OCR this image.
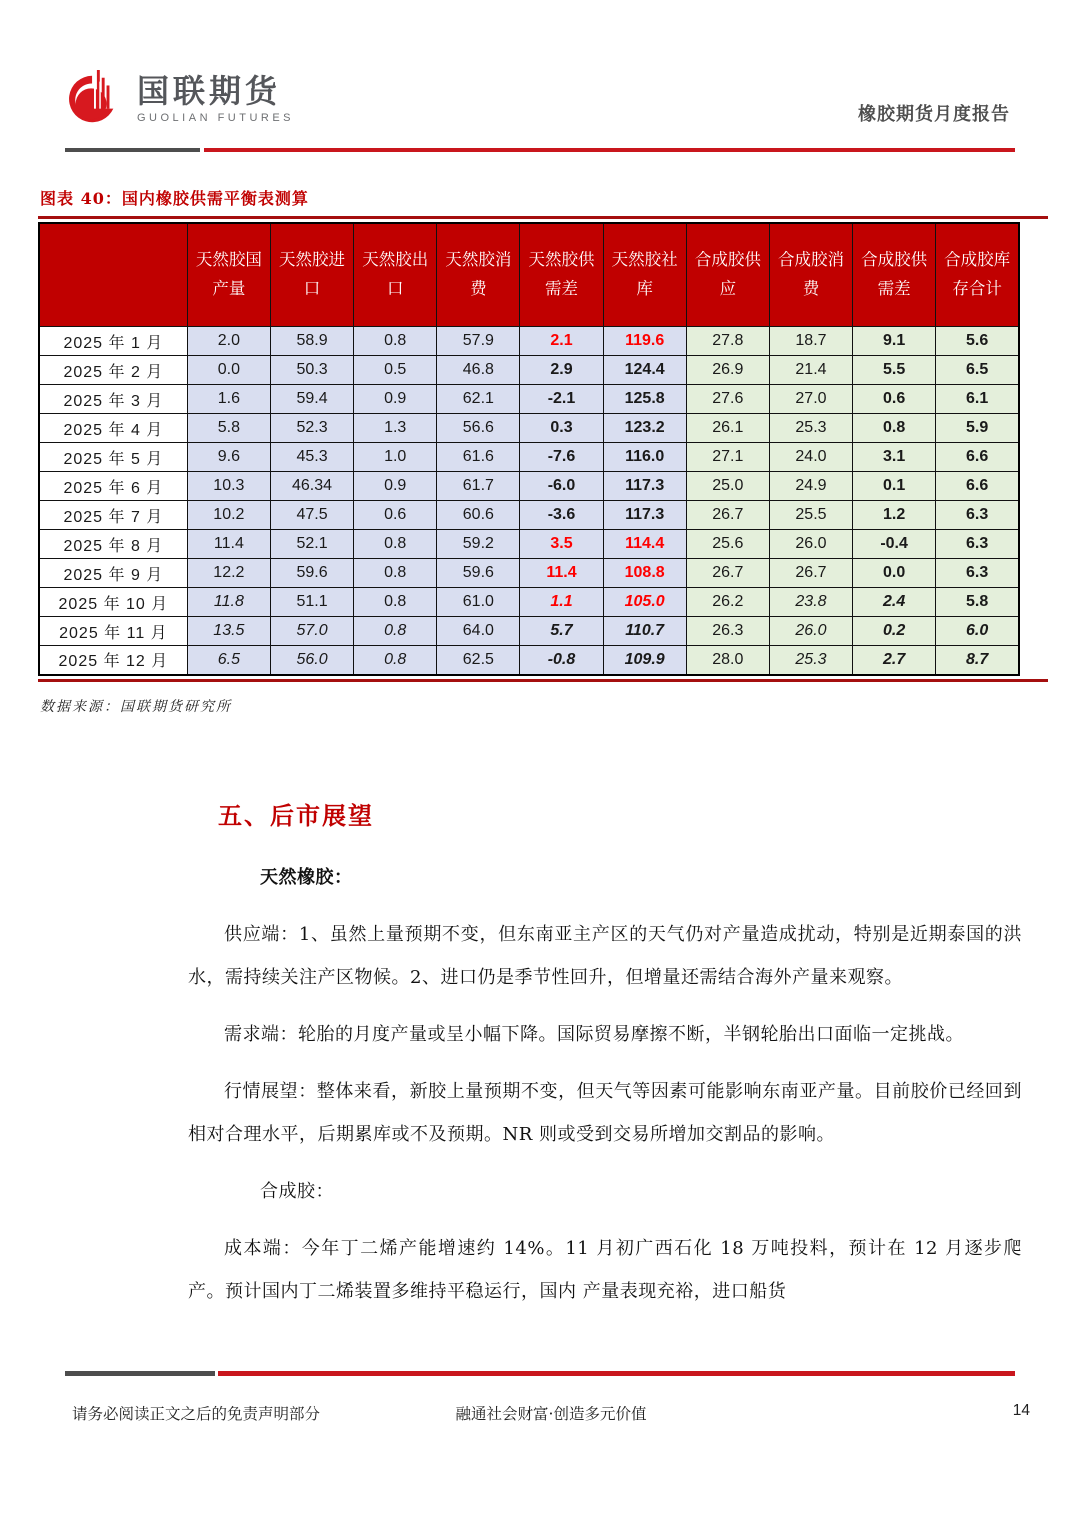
国联期货
GUOLIAN FUTURES	橡胶期货月度报告
图表 40：国内橡胶供需平衡表测算
	天然胶国产量	天然胶进口	天然胶出口	天然胶消费	天然胶供需差	天然胶社库	合成胶供应	合成胶消费	合成胶供需差	合成胶库存合计
2025 年 1 月	2.0	58.9	0.8	57.9	2.1	119.6	27.8	18.7	9.1	5.6
2025 年 2 月	0.0	50.3	0.5	46.8	2.9	124.4	26.9	21.4	5.5	6.5
2025 年 3 月	1.6	59.4	0.9	62.1	-2.1	125.8	27.6	27.0	0.6	6.1
2025 年 4 月	5.8	52.3	1.3	56.6	0.3	123.2	26.1	25.3	0.8	5.9
2025 年 5 月	9.6	45.3	1.0	61.6	-7.6	116.0	27.1	24.0	3.1	6.6
2025 年 6 月	10.3	46.34	0.9	61.7	-6.0	117.3	25.0	24.9	0.1	6.6
2025 年 7 月	10.2	47.5	0.6	60.6	-3.6	117.3	26.7	25.5	1.2	6.3
2025 年 8 月	11.4	52.1	0.8	59.2	3.5	114.4	25.6	26.0	-0.4	6.3
2025 年 9 月	12.2	59.6	0.8	59.6	11.4	108.8	26.7	26.7	0.0	6.3
2025 年 10 月	11.8	51.1	0.8	61.0	1.1	105.0	26.2	23.8	2.4	5.8
2025 年 11 月	13.5	57.0	0.8	64.0	5.7	110.7	26.3	26.0	0.2	6.0
2025 年 12 月	6.5	56.0	0.8	62.5	-0.8	109.9	28.0	25.3	2.7	8.7
数据来源：国联期货研究所
五、后市展望

天然橡胶：

供应端：1、虽然上量预期不变，但东南亚主产区的天气仍对产量造成扰动，特别是近期泰国的洪水，需持续关注产区物候。2、进口仍是季节性回升，但增量还需结合海外产量来观察。

需求端：轮胎的月度产量或呈小幅下降。国际贸易摩擦不断，半钢轮胎出口面临一定挑战。

行情展望：整体来看，新胶上量预期不变，但天气等因素可能影响东南亚产量。目前胶价已经回到相对合理水平，后期累库或不及预期。NR 则或受到交易所增加交割品的影响。

合成胶：

成本端：今年丁二烯产能增速约 14%。11 月初广西石化 18 万吨投料，预计在 12 月逐步爬产。预计国内丁二烯装置多维持平稳运行，国内 产量表现充裕，进口船货

请务必阅读正文之后的免责声明部分	融通社会财富·创造多元价值	14
